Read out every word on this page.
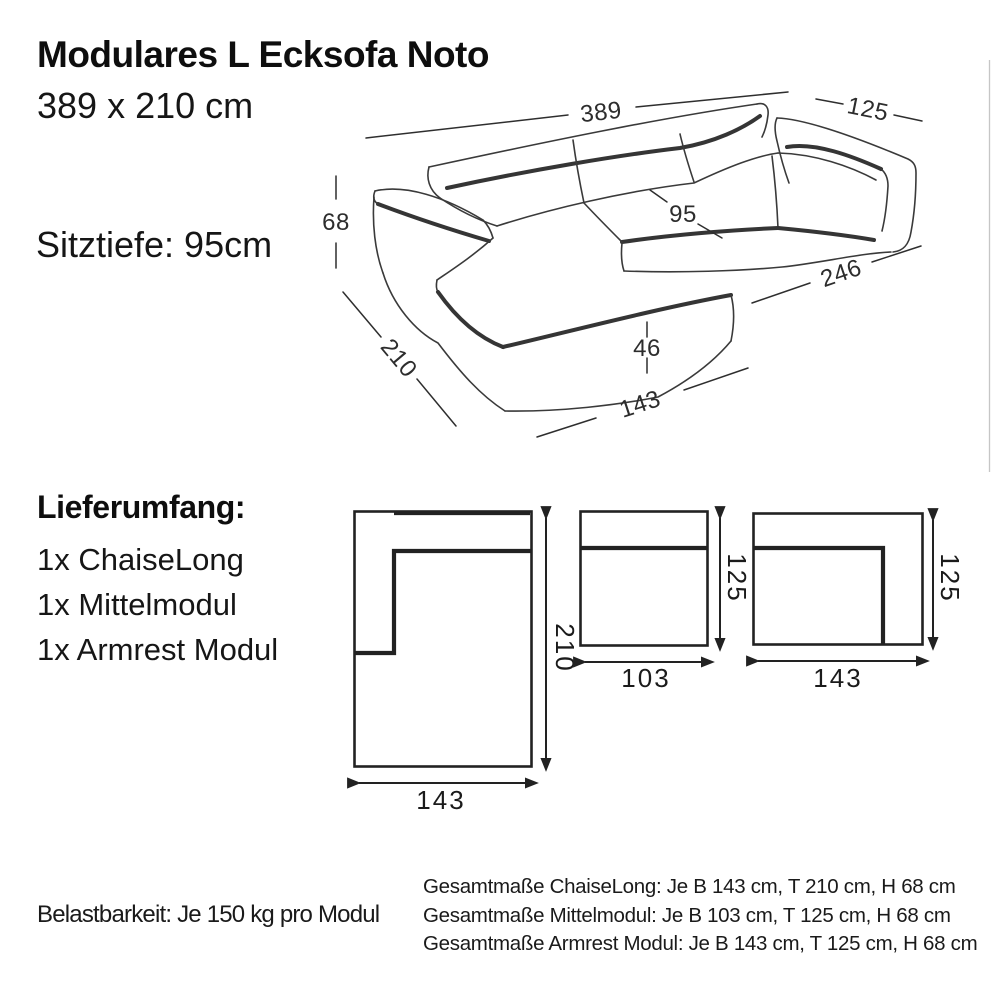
Modulares L Ecksofa Noto
389 x 210 cm
Sitztiefe: 95cm
Lieferumfang:
1x ChaiseLong
1x Mittelmodul
1x Armrest Modul
Belastbarkeit: Je 150 kg pro Modul
Gesamtmaße ChaiseLong: Je B 143 cm, T 210 cm, H 68 cm
Gesamtmaße Mittelmodul: Je B 103 cm, T 125 cm, H 68 cm
Gesamtmaße Armrest Modul: Je B 143 cm, T 125 cm, H 68 cm
389	125
68
210
95
246
46
143
210
143
125
103
125
143
